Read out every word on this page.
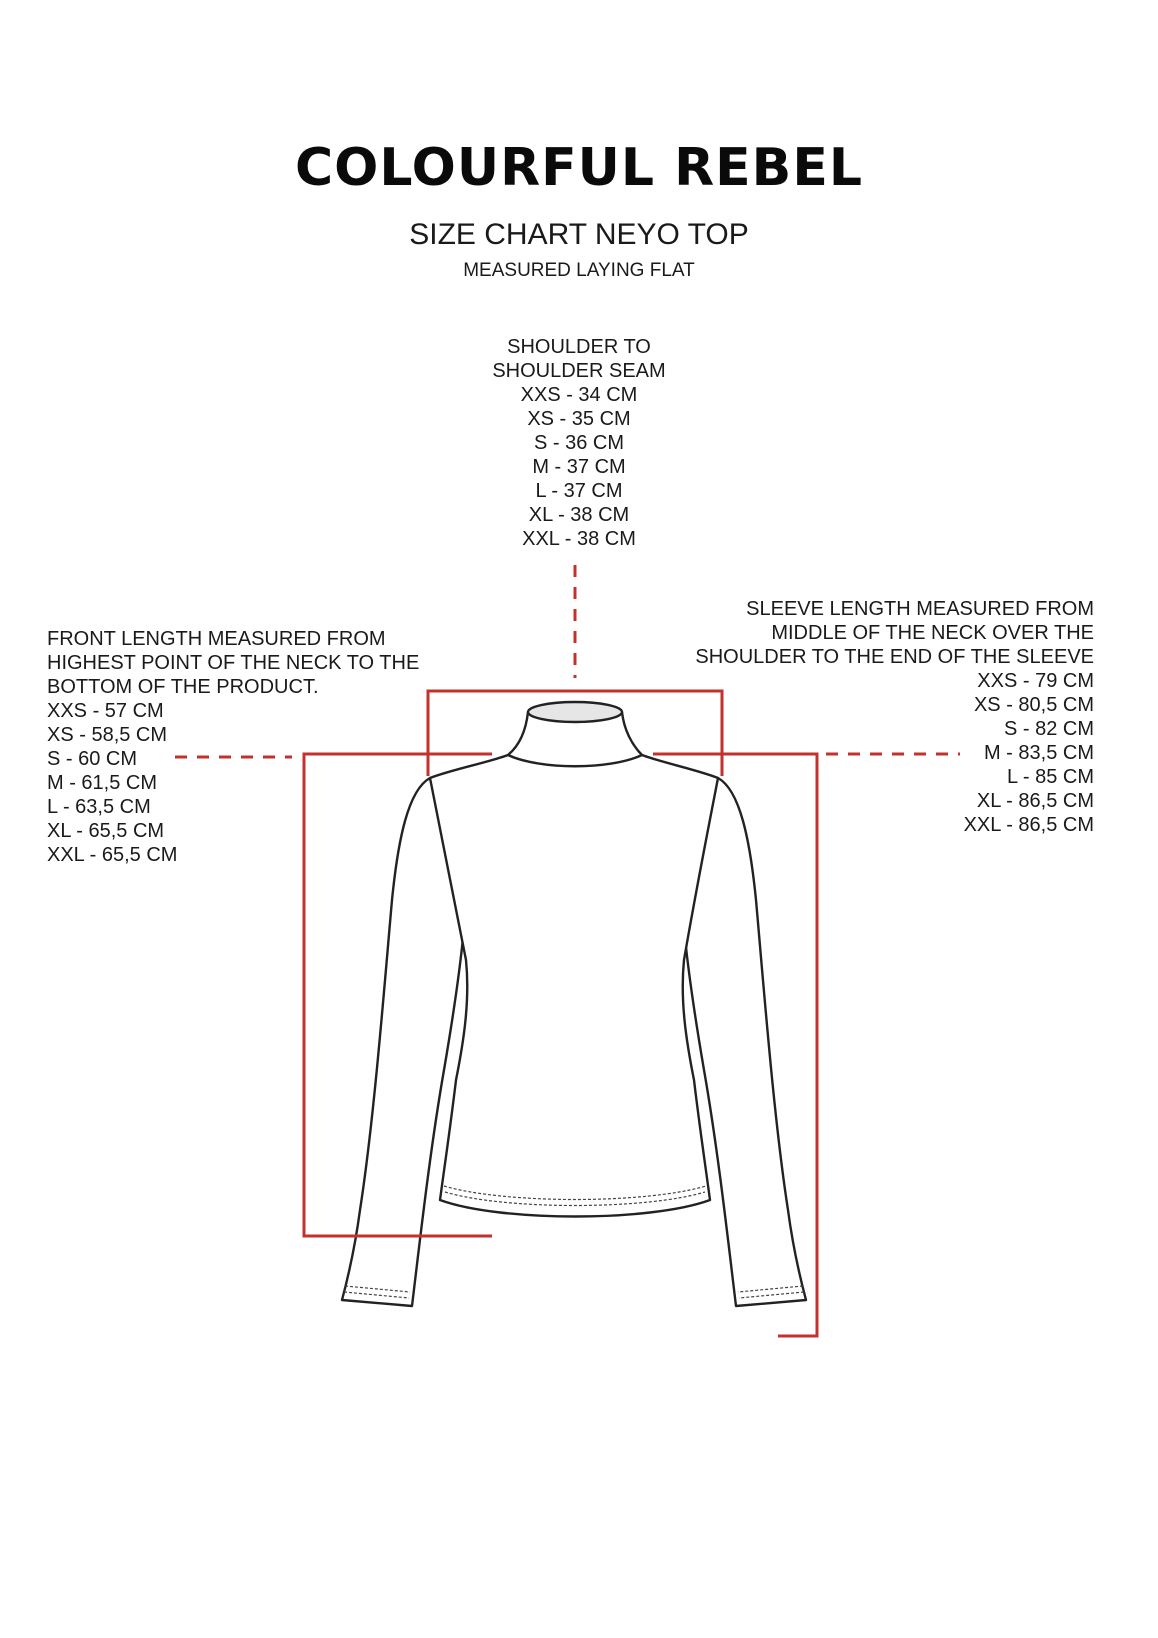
COLOURFUL REBEL
SIZE CHART NEYO TOP
MEASURED LAYING FLAT
SHOULDER TO
SHOULDER SEAM
XXS - 34 CM
XS - 35 CM
S - 36 CM
M - 37 CM
L - 37 CM
XL - 38 CM
XXL - 38 CM
FRONT LENGTH MEASURED FROM
HIGHEST POINT OF THE NECK TO THE
BOTTOM OF THE PRODUCT.
XXS - 57 CM
XS - 58,5 CM
S - 60 CM
M - 61,5 CM
L - 63,5 CM
XL - 65,5 CM
XXL - 65,5 CM
SLEEVE LENGTH MEASURED FROM
MIDDLE OF THE NECK OVER THE
SHOULDER TO THE END OF THE SLEEVE
XXS - 79 CM
XS - 80,5 CM
S - 82 CM
M - 83,5 CM
L - 85 CM
XL - 86,5 CM
XXL - 86,5 CM
